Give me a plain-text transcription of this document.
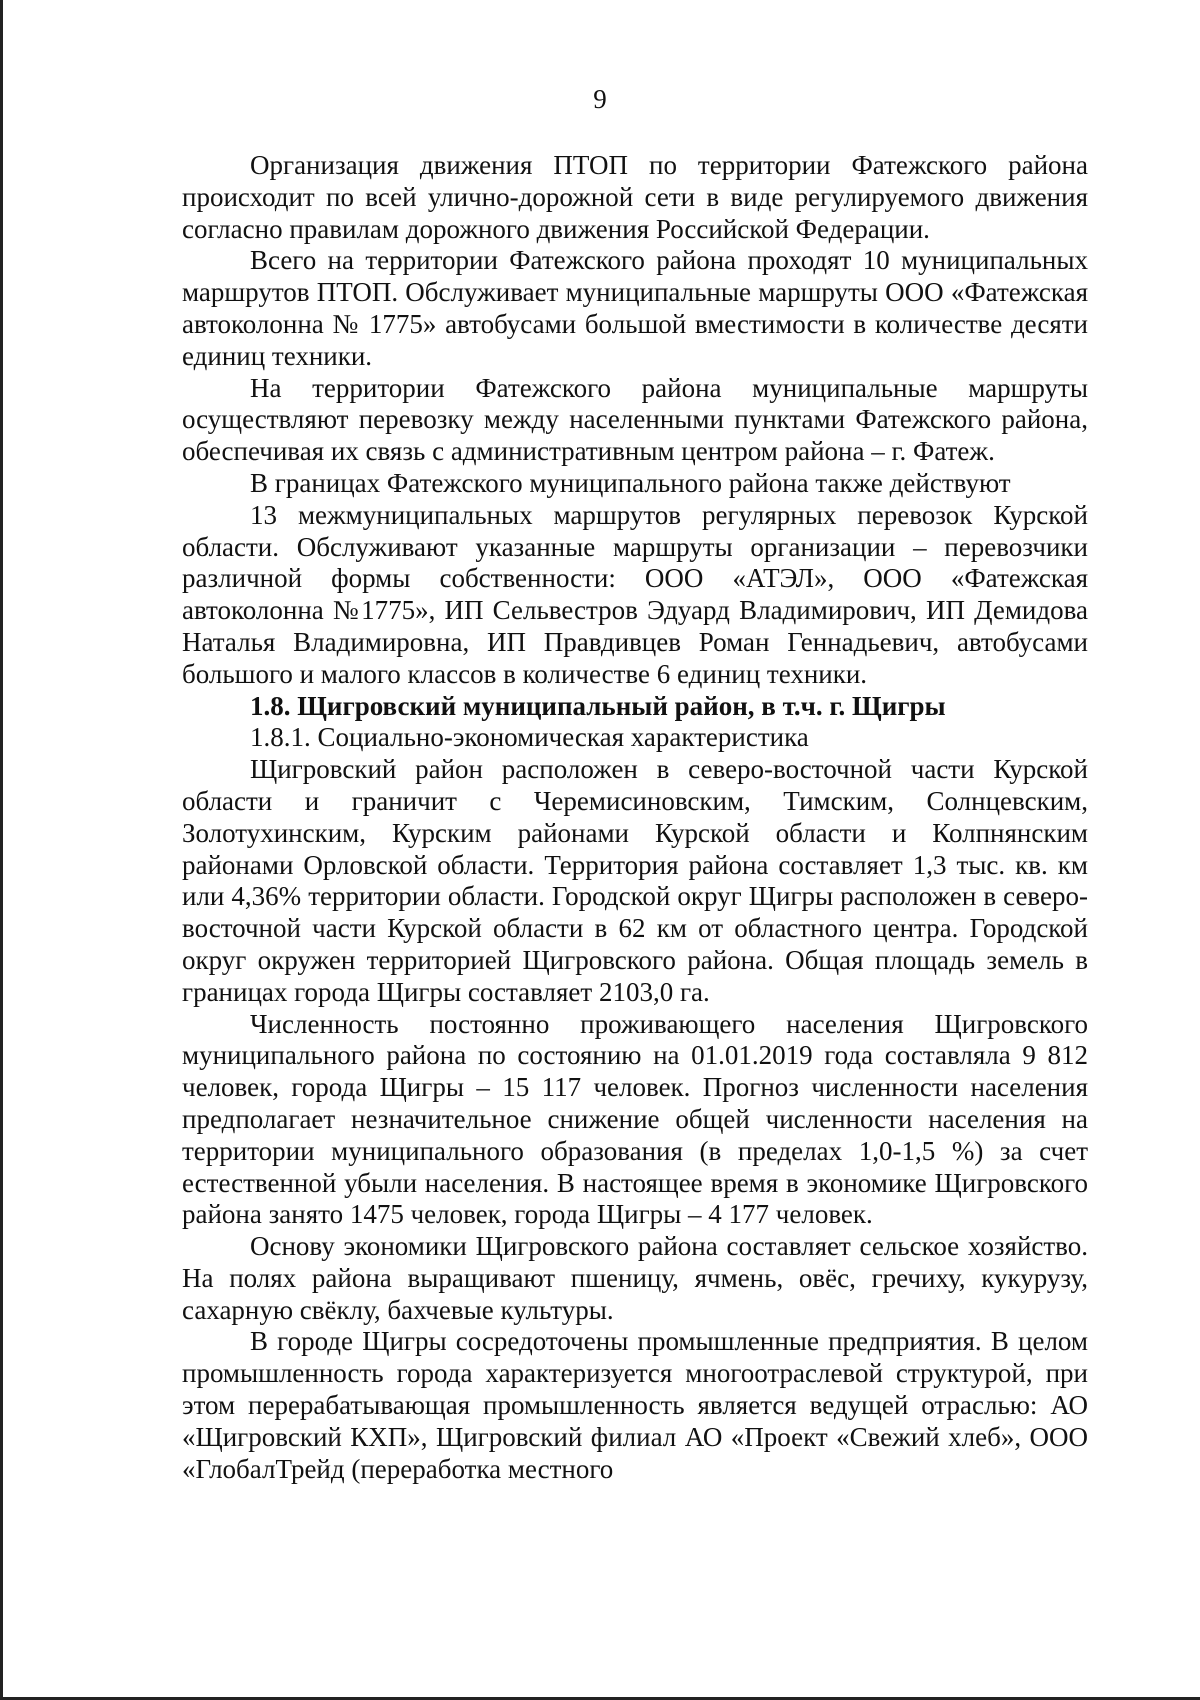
9

Организация движения ПТОП по территории Фатежского района происходит по всей улично-дорожной сети в виде регулируемого движения согласно правилам дорожного движения Российской Федерации.

Всего на территории Фатежского района проходят 10 муниципальных маршрутов ПТОП. Обслуживает муниципальные маршруты ООО «Фатежская автоколонна № 1775» автобусами большой вместимости в количестве десяти единиц техники.

На территории Фатежского района муниципальные маршруты осуществляют перевозку между населенными пунктами Фатежского района, обеспечивая их связь с административным центром района – г. Фатеж.

В границах Фатежского муниципального района также действуют

13 межмуниципальных маршрутов регулярных перевозок Курской области. Обслуживают указанные маршруты организации – перевозчики различной формы собственности: ООО «АТЭЛ», ООО «Фатежская автоколонна №1775», ИП Сельвестров Эдуард Владимирович, ИП Демидова Наталья Владимировна, ИП Правдивцев Роман Геннадьевич, автобусами большого и малого классов в количестве 6 единиц техники.

1.8. Щигровский муниципальный район, в т.ч. г. Щигры

1.8.1. Социально-экономическая характеристика

Щигровский район расположен в северо-восточной части Курской области и граничит с Черемисиновским, Тимским, Солнцевским, Золотухинским, Курским районами Курской области и Колпнянским районами Орловской области. Территория района составляет 1,3 тыс. кв. км или 4,36% территории области. Городской округ Щигры расположен в северо-восточной части Курской области в 62 км от областного центра. Городской округ окружен территорией Щигровского района. Общая площадь земель в границах города Щигры составляет 2103,0 га.

Численность постоянно проживающего населения Щигровского муниципального района по состоянию на 01.01.2019 года составляла 9 812 человек, города Щигры – 15 117 человек. Прогноз численности населения предполагает незначительное снижение общей численности населения на территории муниципального образования (в пределах 1,0-1,5 %) за счет естественной убыли населения. В настоящее время в экономике Щигровского района занято 1475 человек, города Щигры – 4 177 человек.

Основу экономики Щигровского района составляет сельское хозяйство. На полях района выращивают пшеницу, ячмень, овёс, гречиху, кукурузу, сахарную свёклу, бахчевые культуры.

В городе Щигры сосредоточены промышленные предприятия. В целом промышленность города характеризуется многоотраслевой структурой, при этом перерабатывающая промышленность является ведущей отраслью: АО «Щигровский КХП», Щигровский филиал АО «Проект «Свежий хлеб», ООО «ГлобалТрейд (переработка местного
